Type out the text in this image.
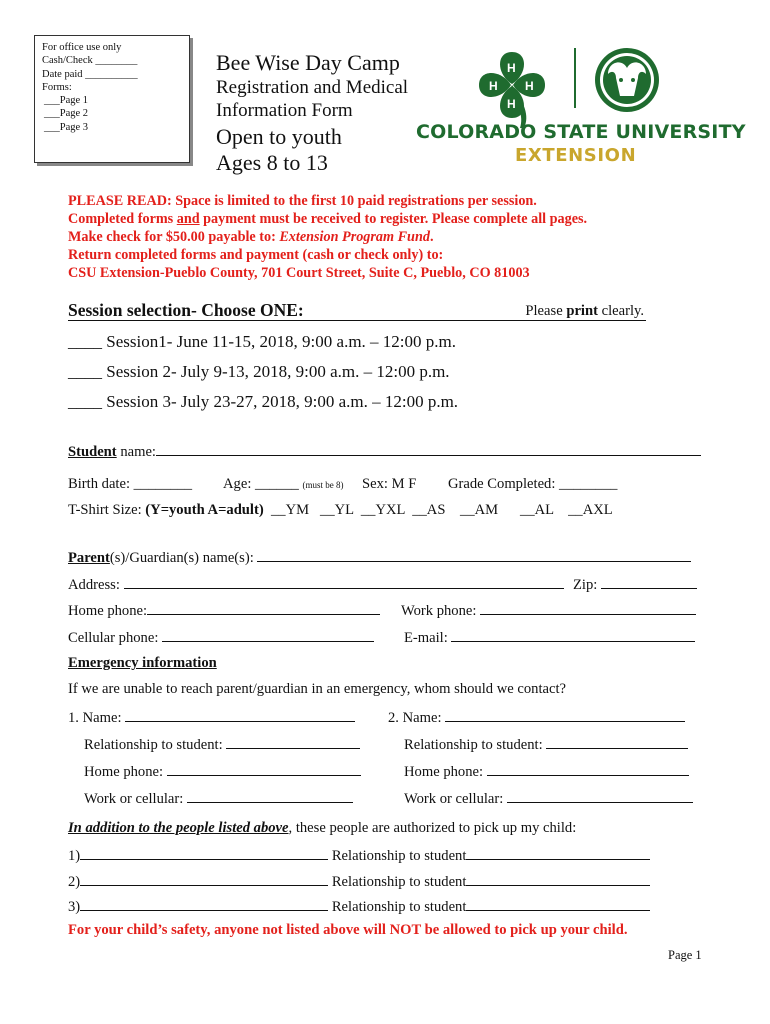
For office use only
Cash/Check ________
Date paid __________
Forms:
___Page 1
___Page 2
___Page 3
Bee Wise Day Camp
Registration and Medical
Information Form
Open to youth
Ages 8 to 13
H
H
H H
COLORADO STATE UNIVERSITY
EXTENSION
PLEASE READ: Space is limited to the first 10 paid registrations per session.
Completed forms and payment must be received to register. Please complete all pages.
Make check for $50.00 payable to: Extension Program Fund.
Return completed forms and payment (cash or check only) to:
CSU Extension-Pueblo County, 701 Court Street, Suite C, Pueblo, CO 81003
Session selection- Choose ONE:	Please print clearly.
____ Session1- June 11-15, 2018, 9:00 a.m. – 12:00 p.m.
____ Session 2- July 9-13, 2018, 9:00 a.m. – 12:00 p.m.
____ Session 3- July 23-27, 2018, 9:00 a.m. – 12:00 p.m.
Student name:
Birth date: ________ Age: ______ (must be 8) Sex: M F Grade Completed: ________
T-Shirt Size: (Y=youth A=adult)  __YM   __YL  __YXL  __AS    __AM      __AL    __AXL
Parent(s)/Guardian(s) name(s):
Address:	Zip:
Home phone:	Work phone:
Cellular phone:	E-mail:
Emergency information
If we are unable to reach parent/guardian in an emergency, whom should we contact?
1. Name:	2. Name:
Relationship to student:	Relationship to student:
Home phone:	Home phone:
Work or cellular:	Work or cellular:
In addition to the people listed above, these people are authorized to pick up my child:
1)	Relationship to student
2)	Relationship to student
3)	Relationship to student
For your child’s safety, anyone not listed above will NOT be allowed to pick up your child.
Page 1
